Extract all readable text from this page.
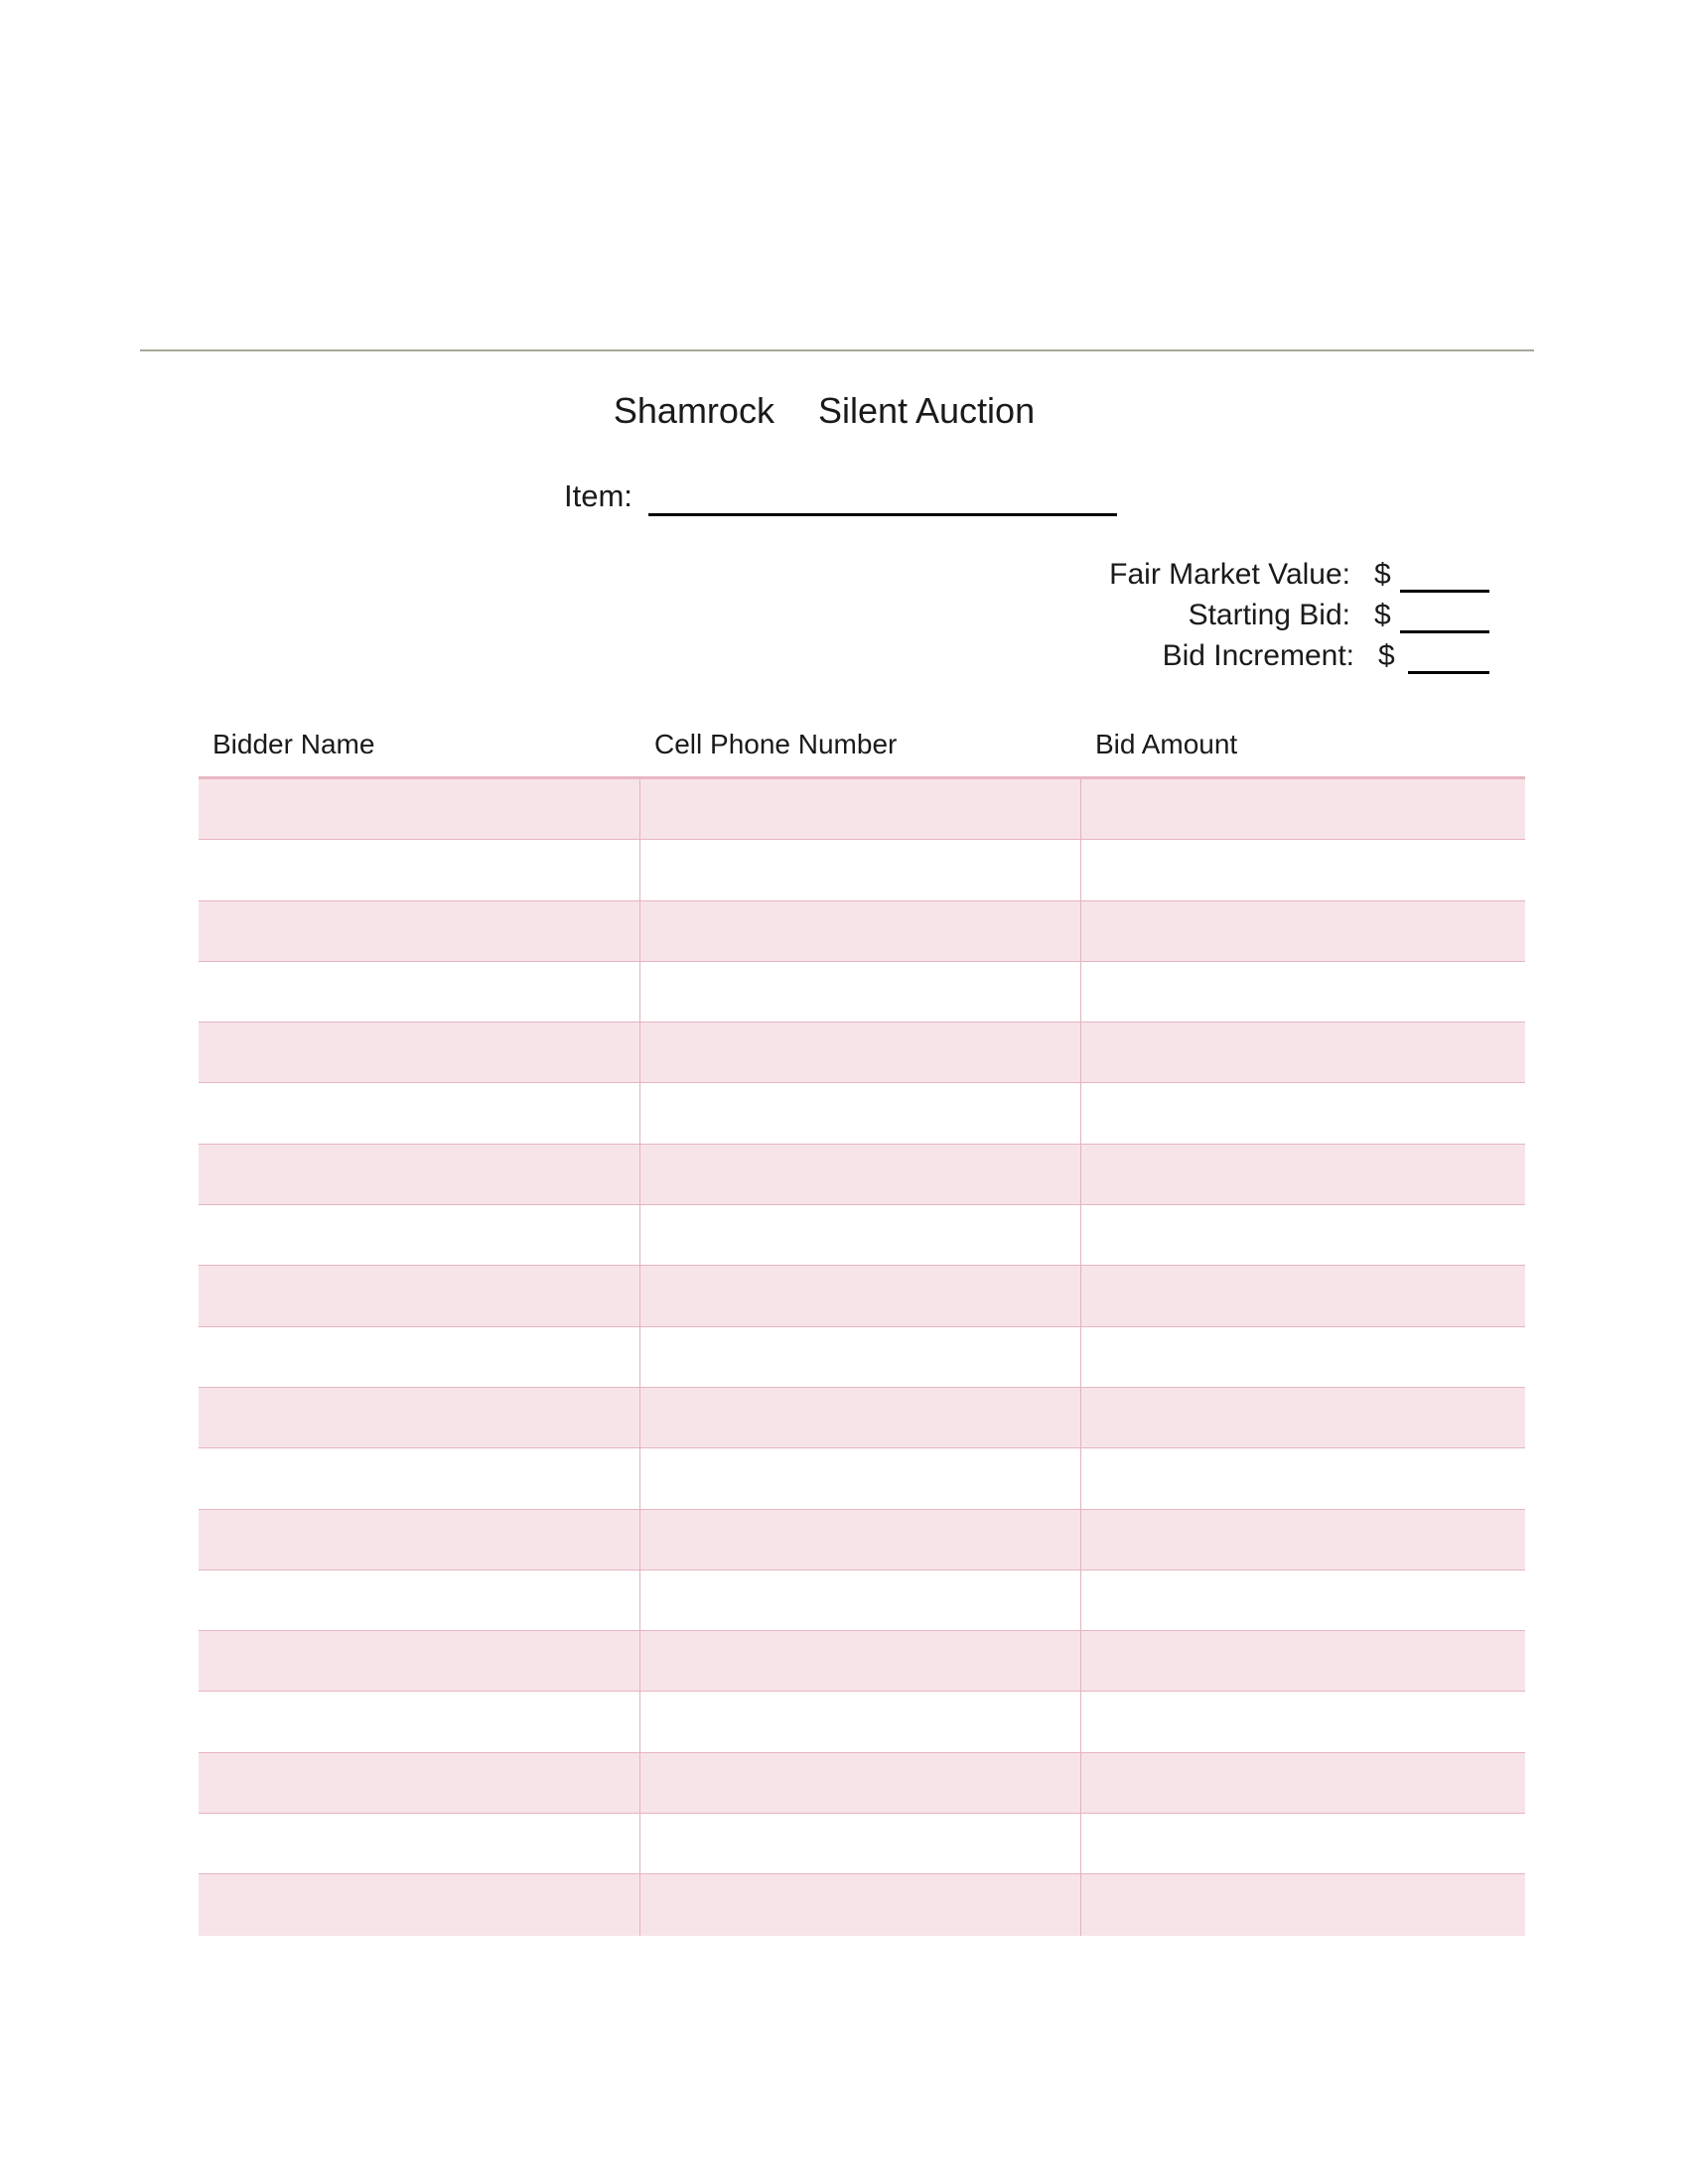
Shamrock Silent Auction
Item:
Fair Market Value: $
Starting Bid: $
Bid Increment: $
Bidder Name	Cell Phone Number	Bid Amount
